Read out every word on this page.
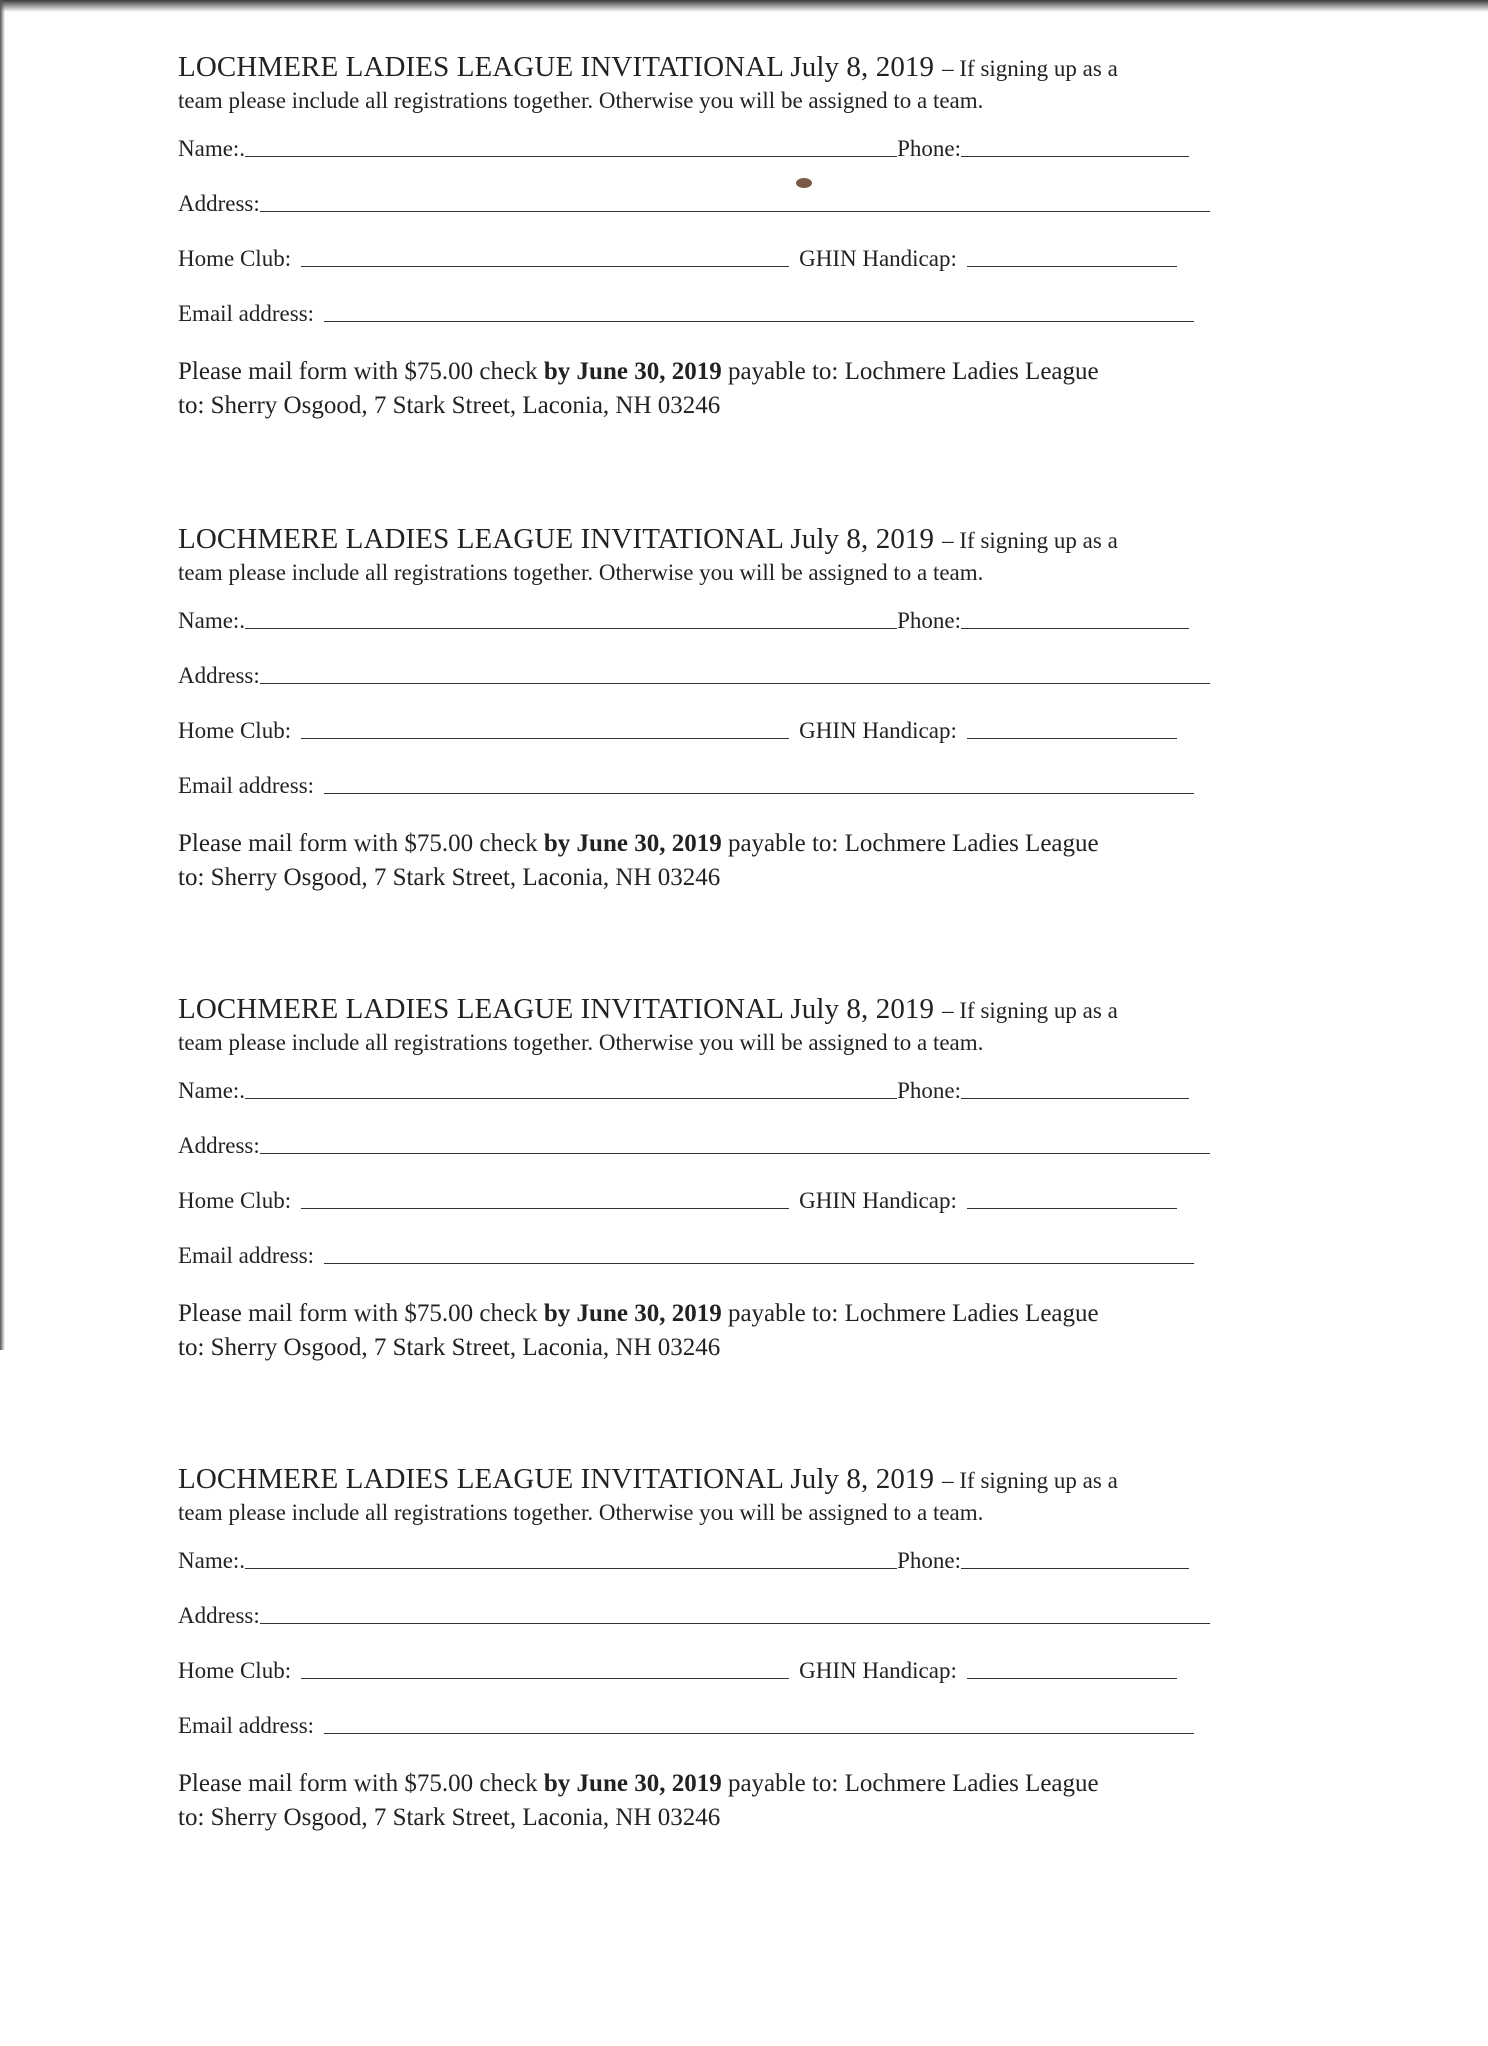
LOCHMERE LADIES LEAGUE INVITATIONAL July 8, 2019 – If signing up as a
team please include all registrations together. Otherwise you will be assigned to a team.
Name:.	Phone:
Address:
Home Club:	GHIN Handicap:
Email address:
Please mail form with $75.00 check by June 30, 2019 payable to: Lochmere Ladies League
to: Sherry Osgood, 7 Stark Street, Laconia, NH 03246
LOCHMERE LADIES LEAGUE INVITATIONAL July 8, 2019 – If signing up as a
team please include all registrations together. Otherwise you will be assigned to a team.
Name:.	Phone:
Address:
Home Club:	GHIN Handicap:
Email address:
Please mail form with $75.00 check by June 30, 2019 payable to: Lochmere Ladies League
to: Sherry Osgood, 7 Stark Street, Laconia, NH 03246
LOCHMERE LADIES LEAGUE INVITATIONAL July 8, 2019 – If signing up as a
team please include all registrations together. Otherwise you will be assigned to a team.
Name:.	Phone:
Address:
Home Club:	GHIN Handicap:
Email address:
Please mail form with $75.00 check by June 30, 2019 payable to: Lochmere Ladies League
to: Sherry Osgood, 7 Stark Street, Laconia, NH 03246
LOCHMERE LADIES LEAGUE INVITATIONAL July 8, 2019 – If signing up as a
team please include all registrations together. Otherwise you will be assigned to a team.
Name:.	Phone:
Address:
Home Club:	GHIN Handicap:
Email address:
Please mail form with $75.00 check by June 30, 2019 payable to: Lochmere Ladies League
to: Sherry Osgood, 7 Stark Street, Laconia, NH 03246
